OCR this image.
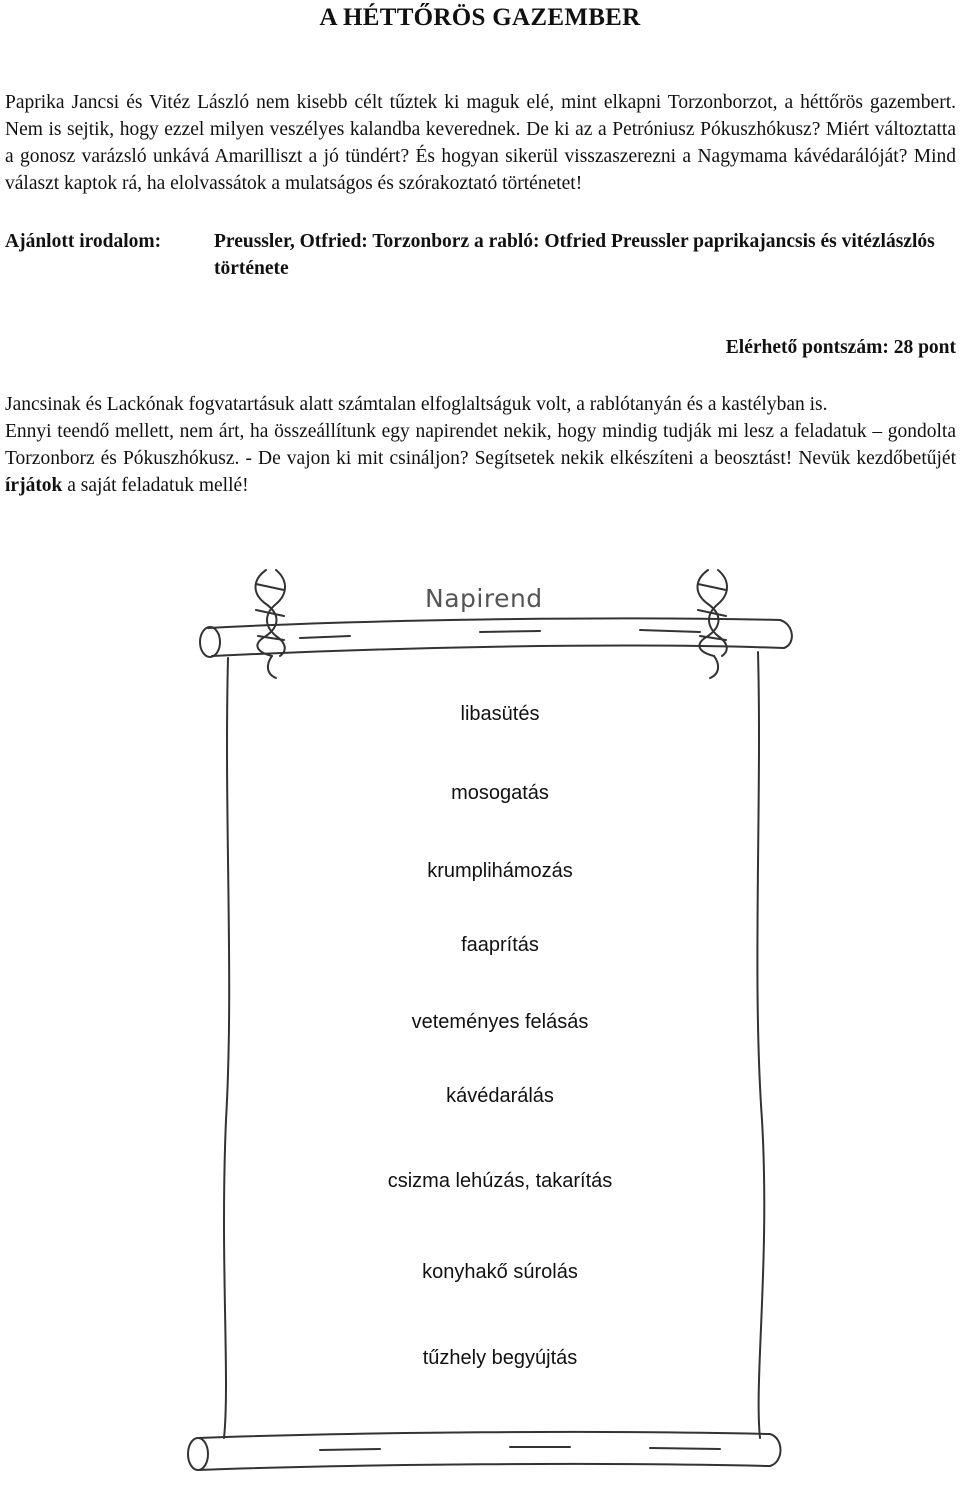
A HÉTTŐRÖS GAZEMBER
Paprika Jancsi és Vitéz László nem kisebb célt tűztek ki maguk elé, mint elkapni Torzonborzot, a héttőrös gazembert. Nem is sejtik, hogy ezzel milyen veszélyes kalandba keverednek. De ki az a Petróniusz Pókuszhókusz? Miért változtatta a gonosz varázsló unkává Amarilliszt a jó tündért? És hogyan sikerül visszaszerezni a Nagymama kávédarálóját? Mind választ kaptok rá, ha elolvassátok a mulatságos és szórakoztató történetet!
Ajánlott irodalom:	Preussler, Otfried: Torzonborz a rabló: Otfried Preussler paprikajancsis és vitézlászlós története
Elérhető pontszám: 28 pont

Jancsinak és Lackónak fogvatartásuk alatt számtalan elfoglaltságuk volt, a rablótanyán és a kastélyban is.

Ennyi teendő mellett, nem árt, ha összeállítunk egy napirendet nekik, hogy mindig tudják mi lesz a feladatuk – gondolta Torzonborz és Pókuszhókusz. - De vajon ki mit csináljon? Segítsetek nekik elkészíteni a beosztást! Nevük kezdőbetűjét írjátok a saját feladatuk mellé!

Napirend
libasütés
mosogatás
krumplihámozás
faaprítás
veteményes felásás
kávédarálás
csizma lehúzás, takarítás
konyhakő súrolás
tűzhely begyújtás
